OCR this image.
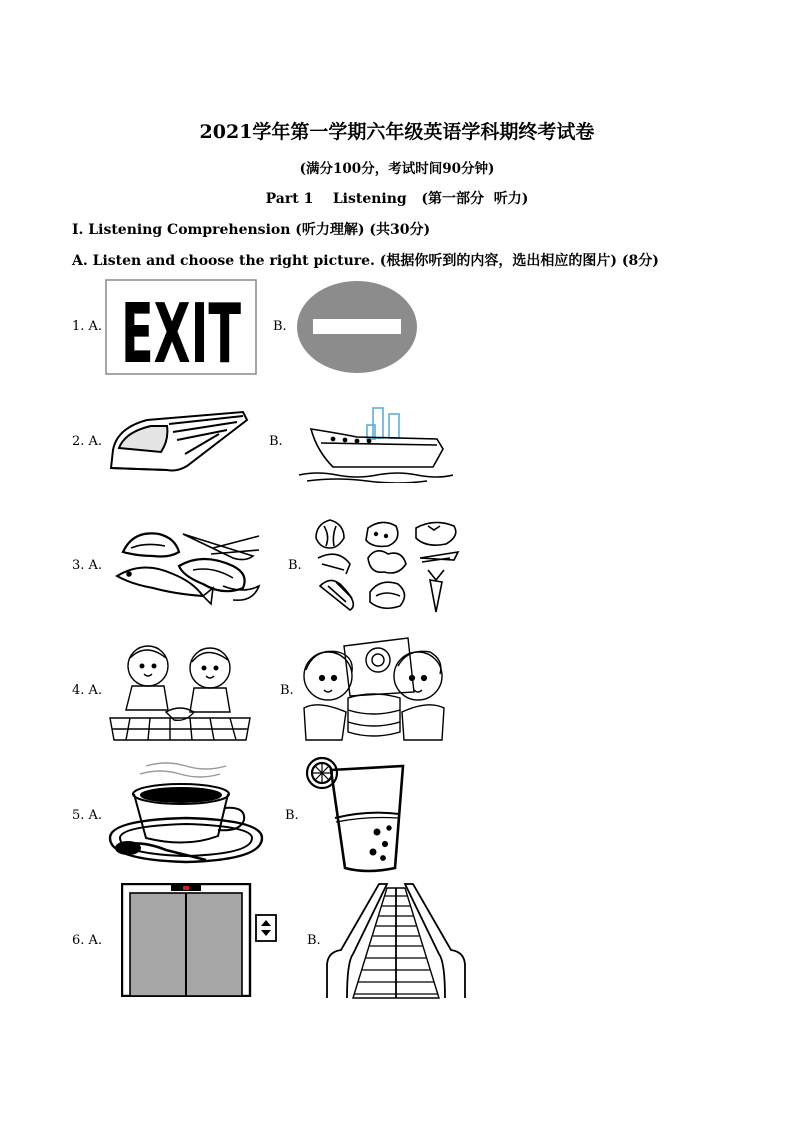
2021学年第一学期六年级英语学科期终考试卷
(满分100分，考试时间90分钟)
Part 1    Listening   (第一部分  听力)
I. Listening Comprehension (听力理解) (共30分)
A. Listen and choose the right picture. (根据你听到的内容，选出相应的图片) (8分)
1. A. EXIT B.
2. A.	B.
3. A.	B.
4. A.	B.
5. A.	B.
6. A.	B.
